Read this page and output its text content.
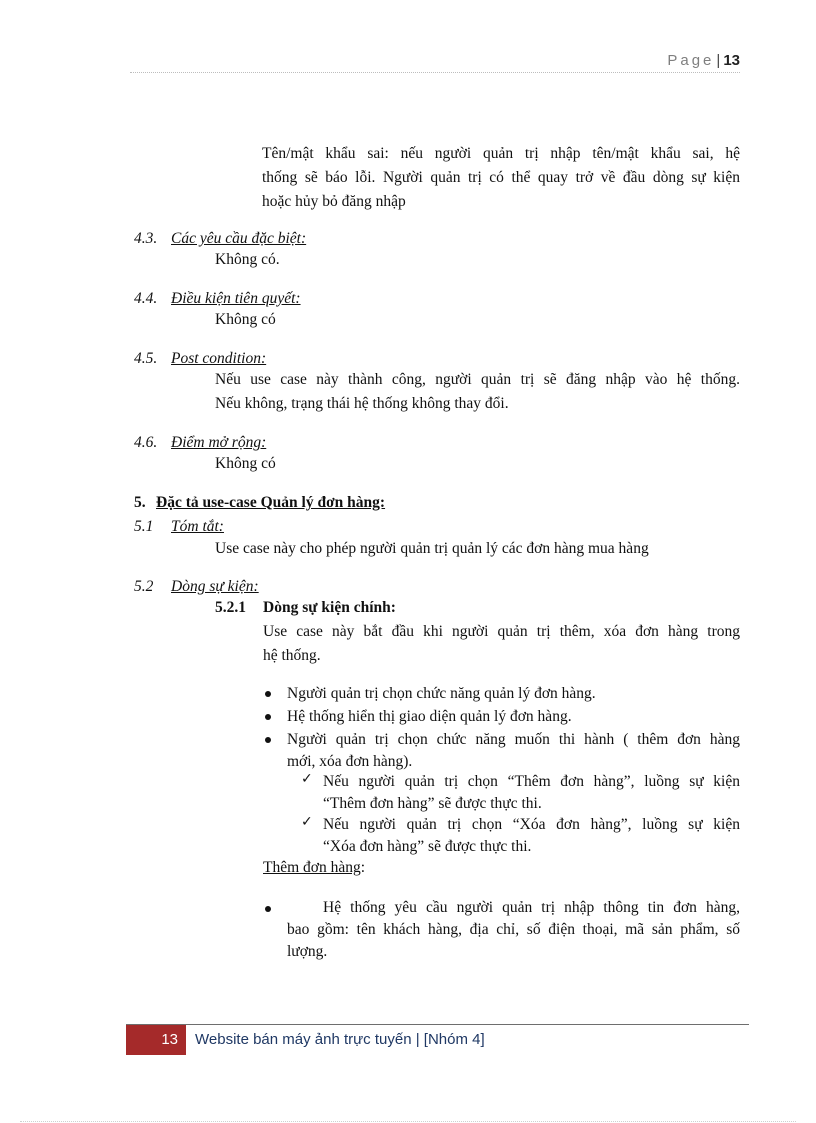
Page | 13
Tên/mật khẩu sai: nếu người quản trị nhập tên/mật khẩu sai, hệ
thống sẽ báo lỗi. Người quản trị có thể quay trở về đầu dòng sự kiện
hoặc hủy bỏ đăng nhập
4.3. Các yêu cầu đặc biệt:
Không có.
4.4. Điều kiện tiên quyết:
Không có
4.5. Post condition:
Nếu use case này thành công, người quản trị sẽ đăng nhập vào hệ thống.
Nếu không, trạng thái hệ thống không thay đổi.
4.6. Điểm mở rộng:
Không có
5. Đặc tả use-case Quản lý đơn hàng:
5.1 Tóm tắt:
Use case này cho phép người quản trị quản lý các đơn hàng mua hàng
5.2 Dòng sự kiện:
5.2.1 Dòng sự kiện chính:
Use case này bắt đầu khi người quản trị thêm, xóa đơn hàng trong
hệ thống.
Người quản trị chọn chức năng quản lý đơn hàng.
Hệ thống hiển thị giao diện quản lý đơn hàng.
Người quản trị chọn chức năng muốn thi hành ( thêm đơn hàng
mới, xóa đơn hàng).
✓ Nếu người quản trị chọn “Thêm đơn hàng”, luồng sự kiện
“Thêm đơn hàng” sẽ được thực thi.
✓ Nếu người quản trị chọn “Xóa đơn hàng”, luồng sự kiện
“Xóa đơn hàng” sẽ được thực thi.
Thêm đơn hàng:
Hệ thống yêu cầu người quản trị nhập thông tin đơn hàng,
bao gồm: tên khách hàng, địa chỉ, số điện thoại, mã sản phẩm, số
lượng.
13	Website bán máy ảnh trực tuyến | [Nhóm 4]
